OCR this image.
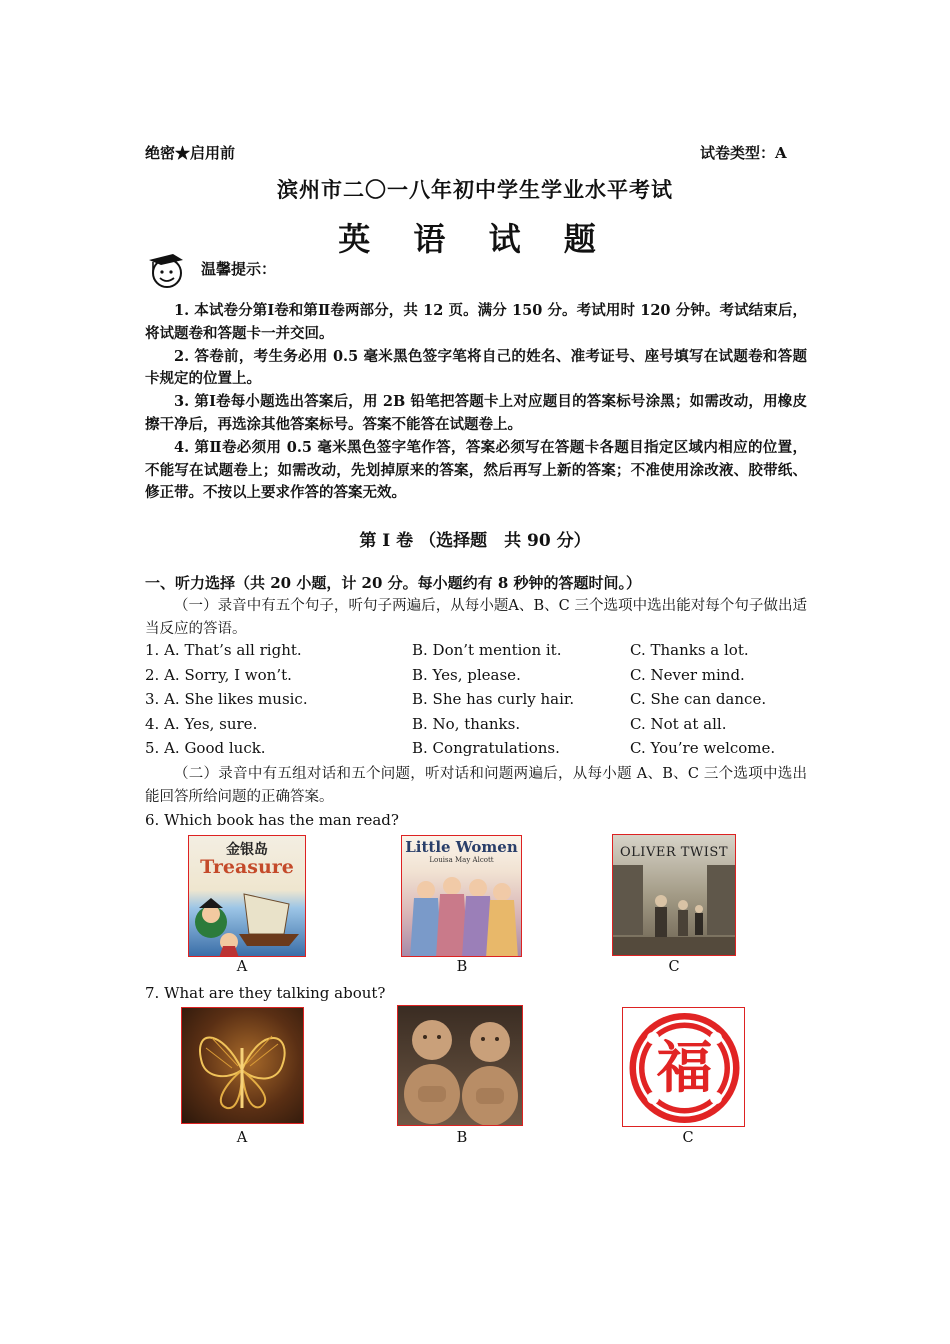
绝密★启用前	试卷类型：A
滨州市二〇一八年初中学生学业水平考试
英 语 试 题
温馨提示：

1. 本试卷分第Ⅰ卷和第Ⅱ卷两部分，共 12 页。满分 150 分。考试用时 120 分钟。考试结束后，将试题卷和答题卡一并交回。

2. 答卷前，考生务必用 0.5 毫米黑色签字笔将自己的姓名、准考证号、座号填写在试题卷和答题卡规定的位置上。

3. 第Ⅰ卷每小题选出答案后，用 2B 铅笔把答题卡上对应题目的答案标号涂黑；如需改动，用橡皮擦干净后，再选涂其他答案标号。答案不能答在试题卷上。

4. 第Ⅱ卷必须用 0.5 毫米黑色签字笔作答，答案必须写在答题卡各题目指定区域内相应的位置，不能写在试题卷上；如需改动，先划掉原来的答案，然后再写上新的答案；不准使用涂改液、胶带纸、修正带。不按以上要求作答的答案无效。

第 Ⅰ 卷 （选择题　共 90 分）
一、听力选择（共 20 小题，计 20 分。每小题约有 8 秒钟的答题时间。）
（一）录音中有五个句子，听句子两遍后，从每小题A、B、C 三个选项中选出能对每个句子做出适当反应的答语。
1. A. That’s all right.	B. Don’t mention it.	C. Thanks a lot.
2. A. Sorry, I won’t.	B. Yes, please.	C. Never mind.
3. A. She likes music.	B. She has curly hair.	C. She can dance.
4. A. Yes, sure.	B. No, thanks.	C. Not at all.
5. A. Good luck.	B. Congratulations.	C. You’re welcome.
（二）录音中有五组对话和五个问题，听对话和问题两遍后，从每小题 A、B、C 三个选项中选出能回答所给问题的正确答案。
6. Which book has the man read?
金银岛
Treasure
A
Little Women
Louisa May Alcott
B
OLIVER TWIST
C
7. What are they talking about?
A	B
福
C
